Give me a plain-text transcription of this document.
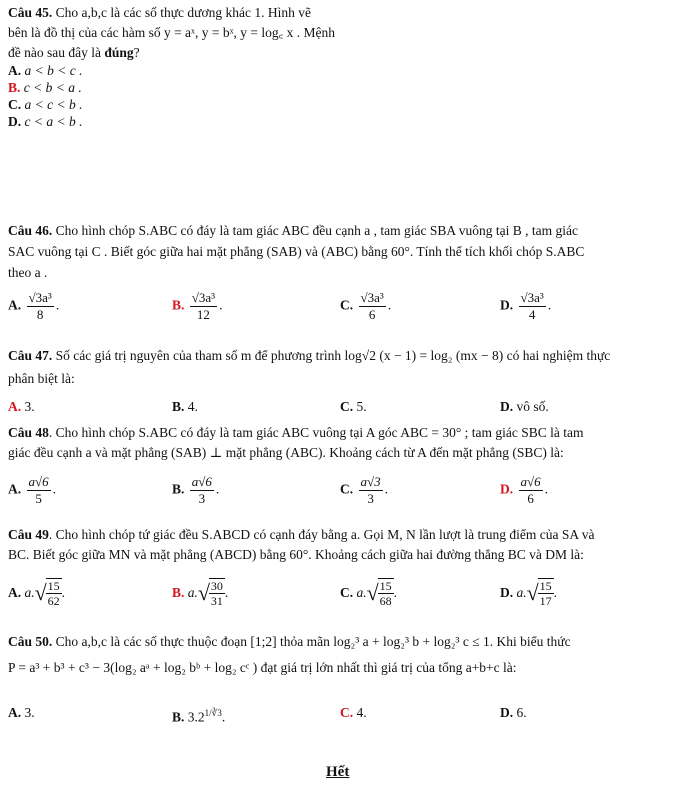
Câu 45. Cho a,b,c là các số thực dương khác 1. Hình vẽ
bên là đồ thị của các hàm số y = aˣ, y = bˣ, y = log꜀ x . Mệnh
đề nào sau đây là đúng?
A. a < b < c .
B. c < b < a .
C. a < c < b .
D. c < a < b .
Câu 46. Cho hình chóp S.ABC có đáy là tam giác ABC đều cạnh a , tam giác SBA vuông tại B , tam giác
SAC vuông tại C . Biết góc giữa hai mặt phẳng (SAB) và (ABC) bằng 60°. Tính thể tích khối chóp S.ABC
theo a .
A. $\frac{\text{√3a³}}{8}$ .	B. $\frac{\text{√3a³}}{12}$ .	C. $\frac{\text{√3a³}}{6}$ .	D. $\frac{\text{√3a³}}{4}$ .
Câu 47. Số các giá trị nguyên của tham số m để phương trình log√2 (x − 1) = log₂ (mx − 8) có hai nghiệm thực
phân biệt là:
A. 3.	B. 4.	C. 5.	D. vô số.
Câu 48. Cho hình chóp S.ABC có đáy là tam giác ABC vuông tại A góc ABC = 30° ; tam giác SBC là tam
giác đều cạnh a và mặt phẳng (SAB) ⊥ mặt phẳng (ABC). Khoảng cách từ A đến mặt phẳng (SBC) là:
A. $\frac{a√6}{5}$ .	B. $\frac{a√6}{3}$ .	C. $\frac{a√3}{3}$ .	D. $\frac{a√6}{6}$ .
Câu 49. Cho hình chóp tứ giác đều S.ABCD có cạnh đáy bằng a. Gọi M, N lần lượt là trung điểm của SA và
BC. Biết góc giữa MN và mặt phẳng (ABCD) bằng 60°. Khoảng cách giữa hai đường thẳng BC và DM là:
A. a. √
$\frac{15}{62}$ .	B. a. √
$\frac{30}{31}$ .	C. a. √
$\frac{15}{68}$ .	D. a. √
$\frac{15}{17}$ .
Câu 50. Cho a,b,c là các số thực thuộc đoạn [1;2] thỏa mãn log₂³ a + log₂³ b + log₂³ c ≤ 1. Khi biểu thức
P = a³ + b³ + c³ − 3(log₂ aᵃ + log₂ bᵇ + log₂ cᶜ ) đạt giá trị lớn nhất thì giá trị của tổng a+b+c là:
A. 3.	B. $3.2^{1/∛3}$.	C. 4.	D. 6.
Hết
